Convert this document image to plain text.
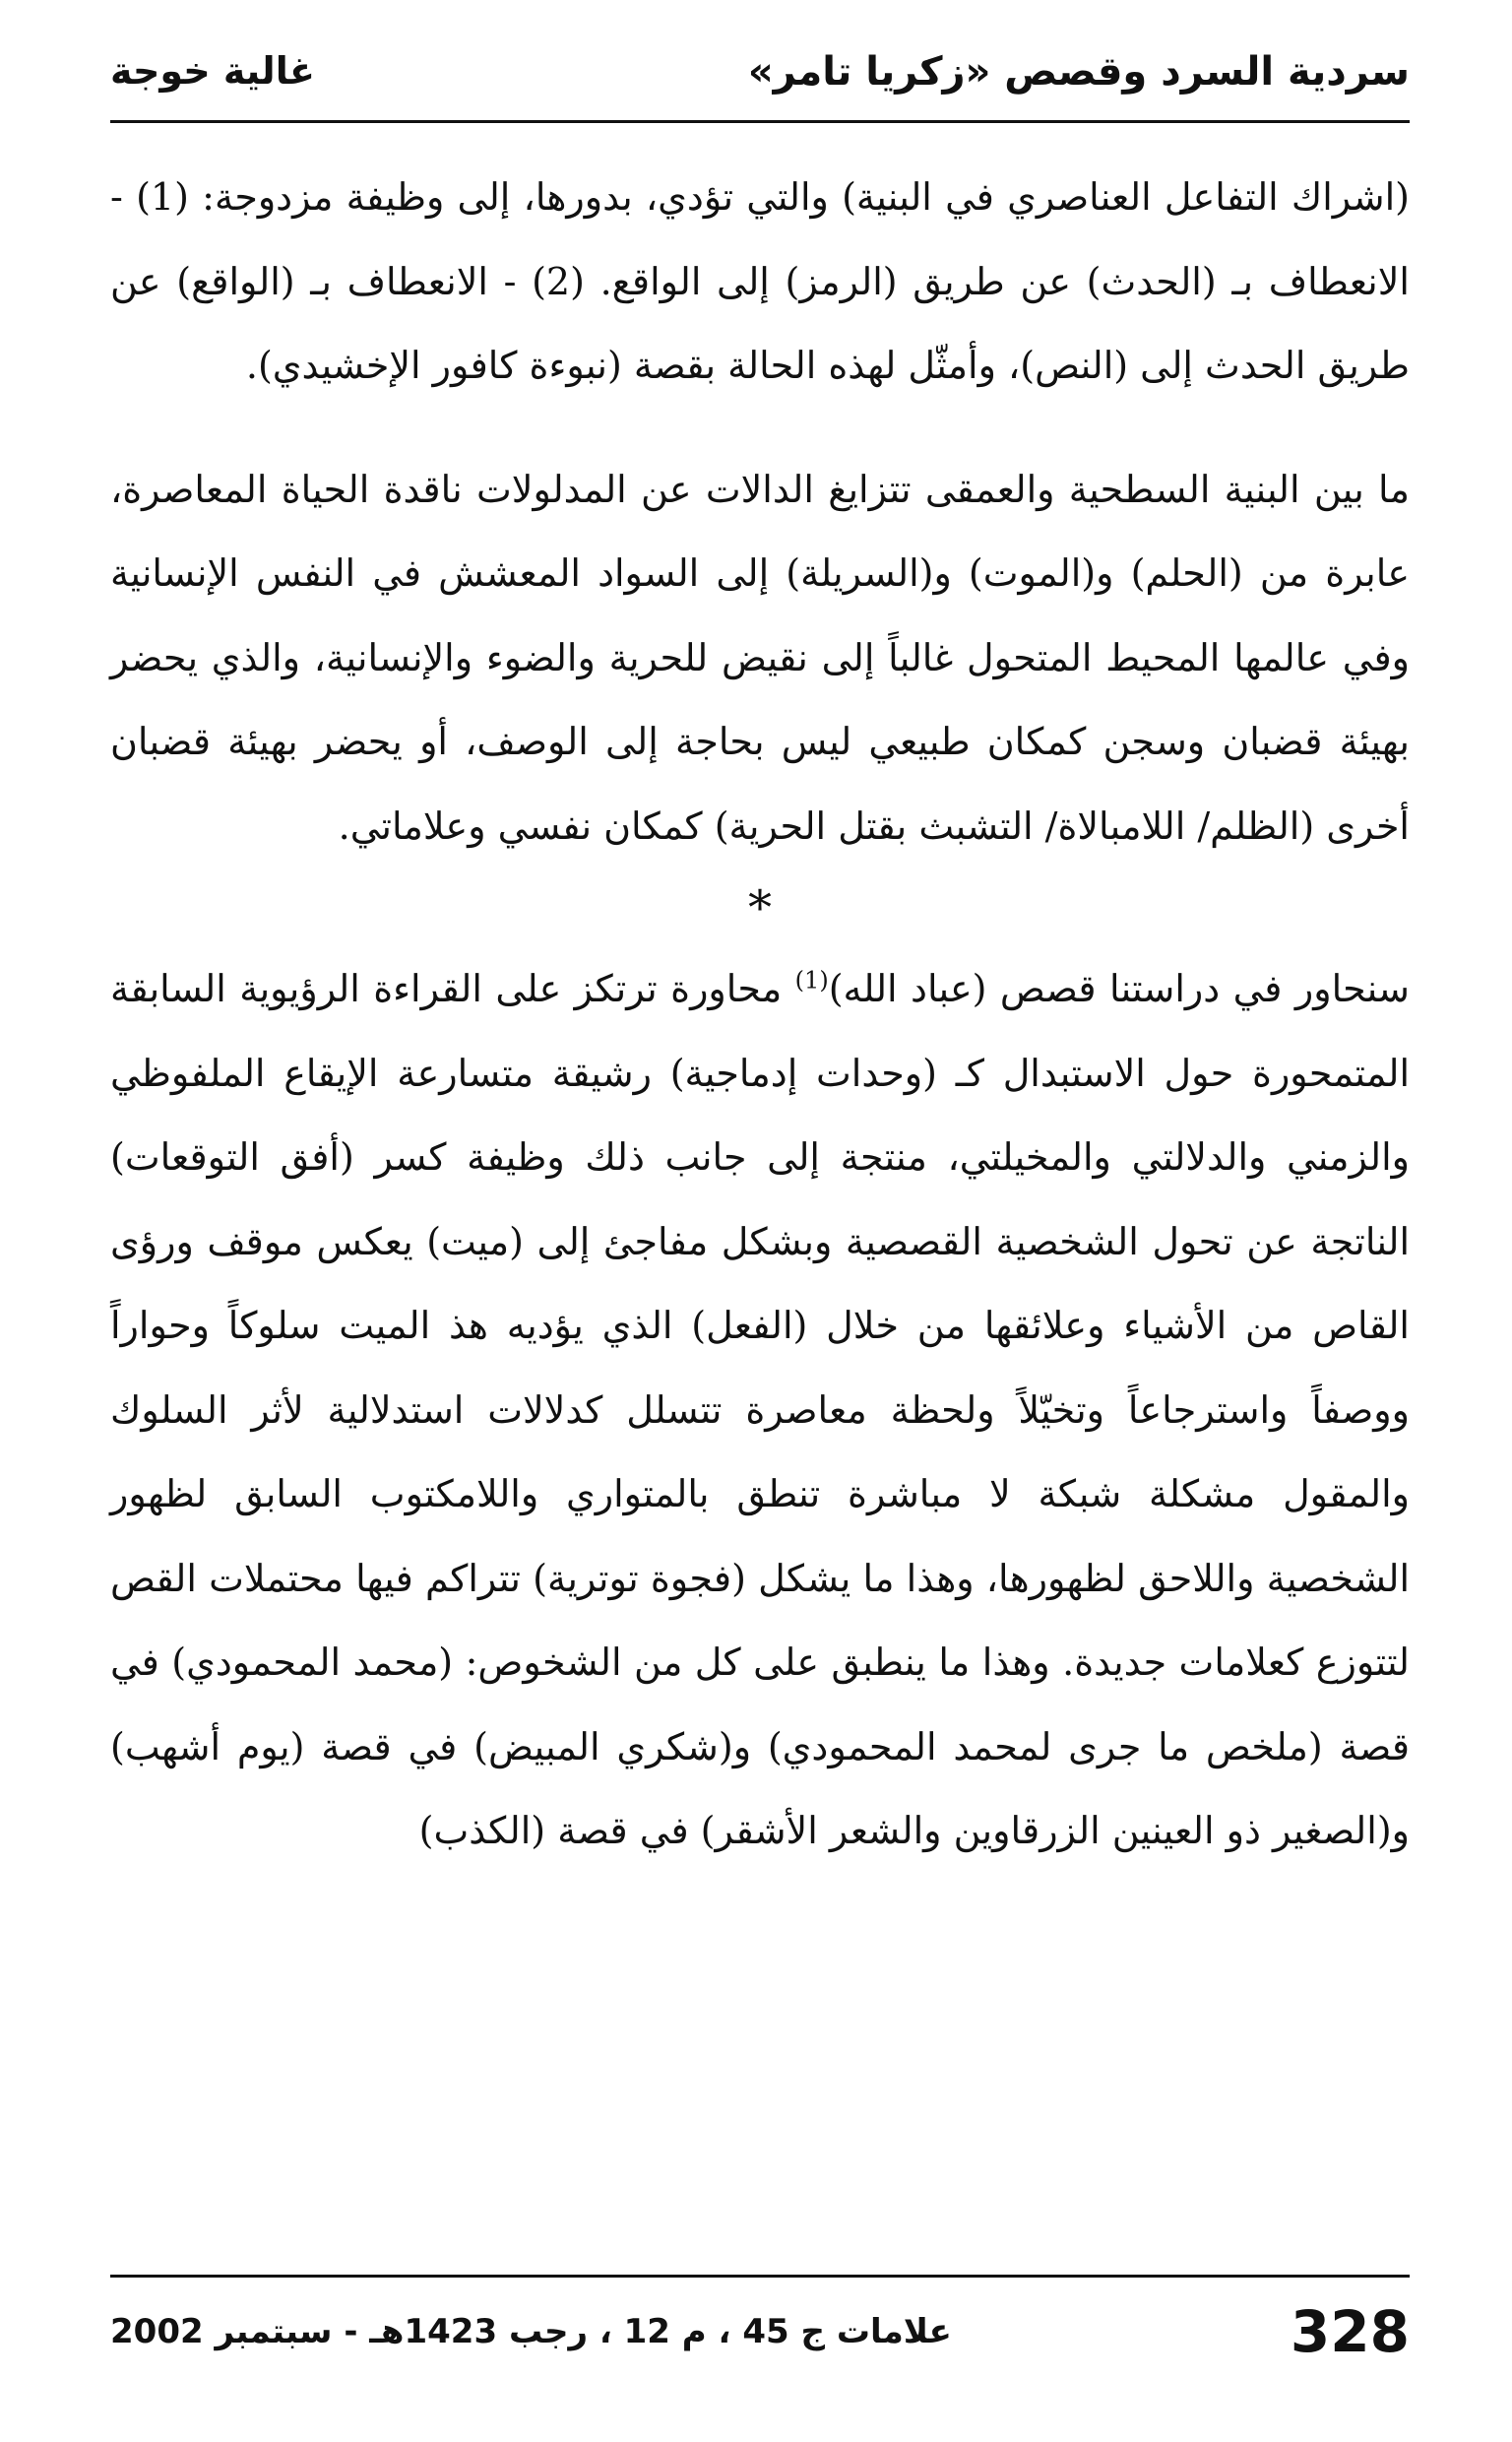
سردية السرد وقصص «زكريا تامر»
غالية خوجة

(اشراك التفاعل العناصري في البنية) والتي تؤدي، بدورها، إلى وظيفة مزدوجة: (1) - الانعطاف بـ (الحدث) عن طريق (الرمز) إلى الواقع. (2) - الانعطاف بـ (الواقع) عن طريق الحدث إلى (النص)، وأمثّل لهذه الحالة بقصة (نبوءة كافور الإخشيدي).

ما بين البنية السطحية والعمقى تتزايغ الدالات عن المدلولات ناقدة الحياة المعاصرة، عابرة من (الحلم) و(الموت) و(السريلة) إلى السواد المعشش في النفس الإنسانية وفي عالمها المحيط المتحول غالباً إلى نقيض للحرية والضوء والإنسانية، والذي يحضر بهيئة قضبان وسجن كمكان طبيعي ليس بحاجة إلى الوصف، أو يحضر بهيئة قضبان أخرى (الظلم/ اللامبالاة/ التشبث بقتل الحرية) كمكان نفسي وعلاماتي.

*

سنحاور في دراستنا قصص (عباد الله)$^{(1)}$ محاورة ترتكز على القراءة الرؤيوية السابقة المتمحورة حول الاستبدال كـ (وحدات إدماجية) رشيقة متسارعة الإيقاع الملفوظي والزمني والدلالتي والمخيلتي، منتجة إلى جانب ذلك وظيفة كسر (أفق التوقعات) الناتجة عن تحول الشخصية القصصية وبشكل مفاجئ إلى (ميت) يعكس موقف ورؤى القاص من الأشياء وعلائقها من خلال (الفعل) الذي يؤديه هذ الميت سلوكاً وحواراً ووصفاً واسترجاعاً وتخيّلاً ولحظة معاصرة تتسلل كدلالات استدلالية لأثر السلوك والمقول مشكلة شبكة لا مباشرة تنطق بالمتواري واللامكتوب السابق لظهور الشخصية واللاحق لظهورها، وهذا ما يشكل (فجوة توترية) تتراكم فيها محتملات القص لتتوزع كعلامات جديدة. وهذا ما ينطبق على كل من الشخوص: (محمد المحمودي) في قصة (ملخص ما جرى لمحمد المحمودي) و(شكري المبيض) في قصة (يوم أشهب) و(الصغير ذو العينين الزرقاوين والشعر الأشقر) في قصة (الكذب)

علامات ج 45 ، م 12 ، رجب 1423هـ - سبتمبر 2002	328
